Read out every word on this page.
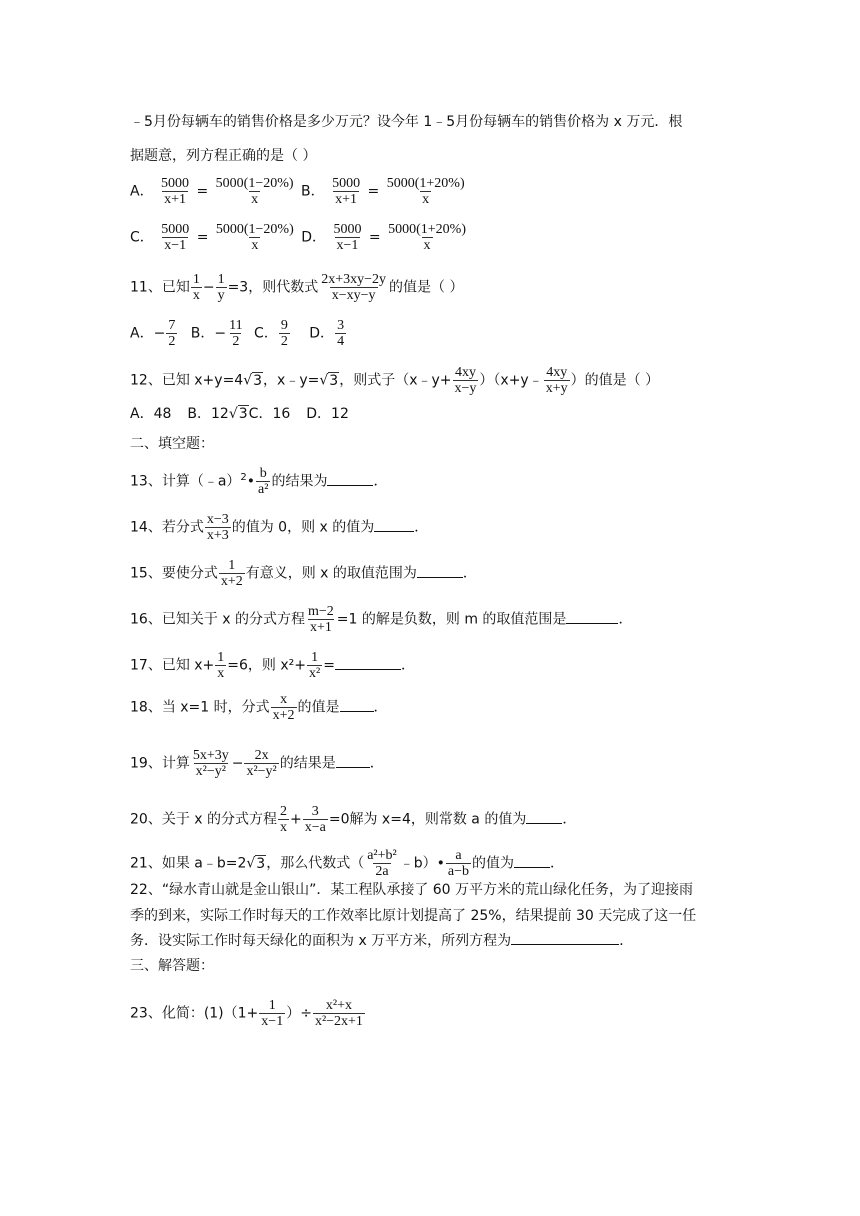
﹣5月份每辆车的销售价格是多少万元？设今年 1﹣5月份每辆车的销售价格为 x 万元．根
据题意，列方程正确的是（ ）
A． $\frac{5000}{x+1} = \frac{5000(1-20\%)}{x}$ B． $\frac{5000}{x+1} = \frac{5000(1+20\%)}{x}$
C． $\frac{5000}{x-1} = \frac{5000(1-20\%)}{x}$ D． $\frac{5000}{x-1} = \frac{5000(1+20\%)}{x}$
11、已知 $\frac{1}{x} - \frac{1}{y} =3$，则代数式 $\frac{2x+3xy-2y}{x-xy-y}$ 的值是（ ）
A．− $\frac{7}{2}$ B．− $\frac{11}{2}$ C． $\frac{9}{2}$ D． $\frac{3}{4}$
12、已知 x+y=4√3，x﹣y=√3，则式子（x﹣y+ $\frac{4xy}{x-y}$ ）（x+y﹣ $\frac{4xy}{x+y}$ ）的值是（ ）
A．48 B．12√3C．16 D．12
二、填空题：
13、计算（﹣a）$^2$• $\frac{b}{\text{a²}}$ 的结果为	．
14、若分式 $\frac{x-3}{x+3}$ 的值为 0，则 x 的值为	．
15、要使分式 $\frac{1}{x+2}$ 有意义，则 x 的取值范围为	．
16、已知关于 x 的分式方程 $\frac{m-2}{x+1} =1$ 的解是负数，则 m 的取值范围是	．
17、已知 $x+ \frac{1}{x} =6$，则 $x^2+ \frac{1}{\text{x²}}$ =	．
18、当 x=1 时，分式 $\frac{x}{x+2}$ 的值是 ．
19、计算 $\frac{5x+3y}{\text{x²−y²}} - \frac{2x}{\text{x²−y²}}$ 的结果是 ．
20、关于 x 的分式方程 $\frac{2}{x} + \frac{3}{x-a} =0$解为 x=4，则常数 a 的值为	．
21、如果 a﹣b=2√3，那么代数式（ $\frac{\text{a²+b²}}{2a}$ ﹣b）• $\frac{a}{a-b}$ 的值为	．
22、“绿水青山就是金山银山”．某工程队承接了 60 万平方米的荒山绿化任务，为了迎接雨
季的到来，实际工作时每天的工作效率比原计划提高了 25%，结果提前 30 天完成了这一任
务．设实际工作时每天绿化的面积为 x 万平方米，所列方程为	．
三、解答题：
23、化简：$(1)(1+ \frac{1}{x-1}$ ）÷ $\frac{\text{x²+x}}{\text{x²−2x+1}}$
